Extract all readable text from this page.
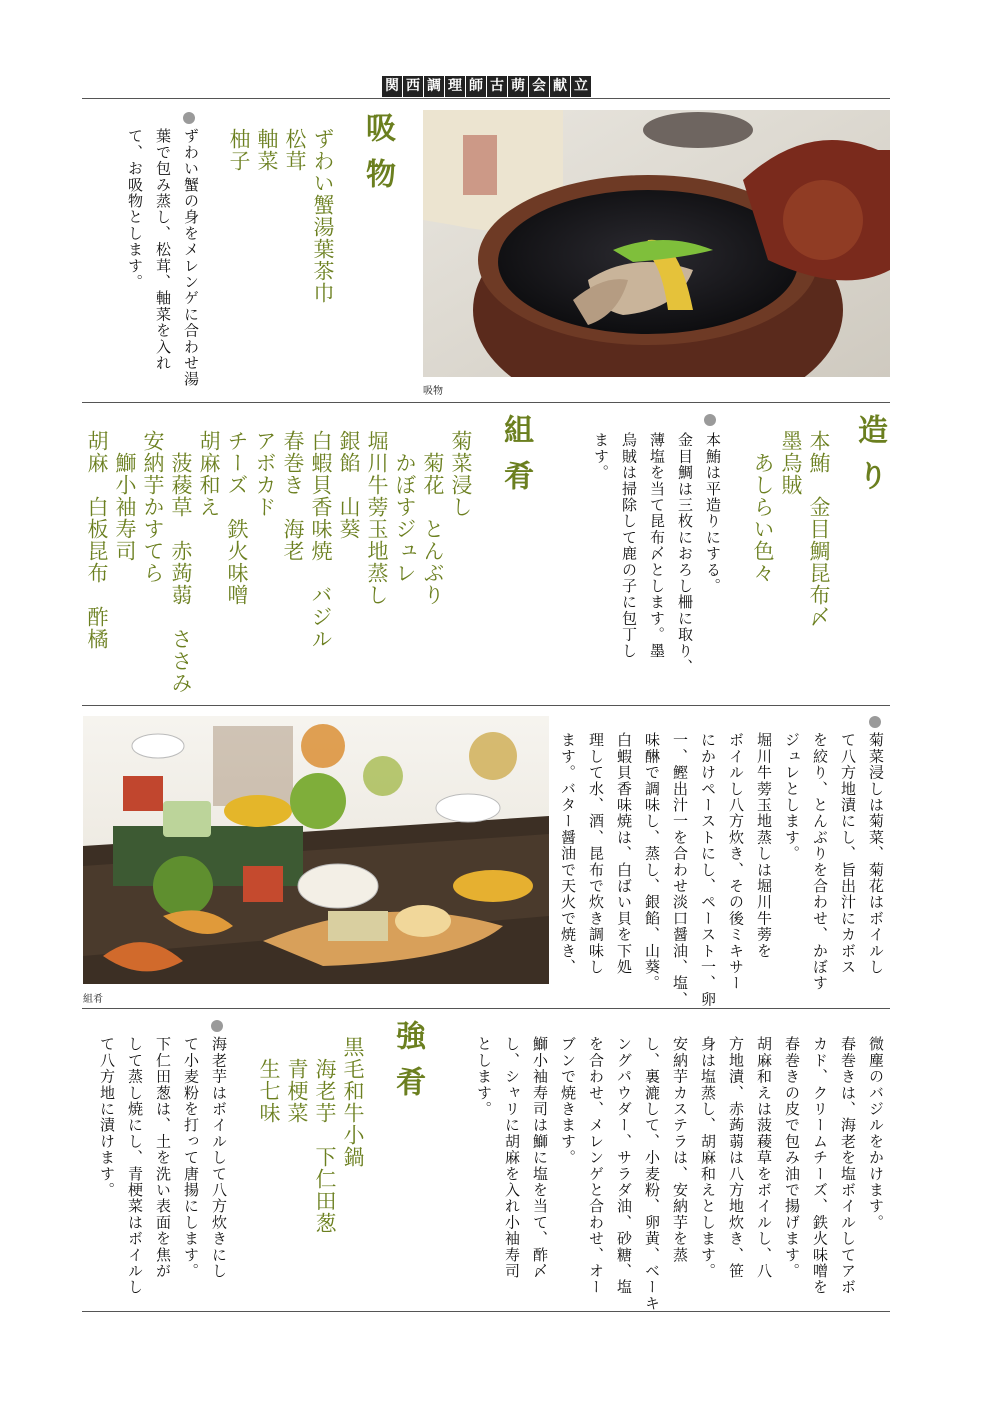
関 西 調 理 師 古 萌 会 献 立
吸物
ずわい蟹湯葉茶巾
松茸
軸菜
柚子
ずわい蟹の身をメレンゲに合わせ湯
葉で包み蒸し、松茸、軸菜を入れ
て、お吸物とします。
吸物
造り
本鮪　金目鯛昆布〆
墨烏賊
　あしらい色々
本鮪は平造りにする。
金目鯛は三枚におろし柵に取り、
薄塩を当て昆布〆とします。墨
烏賊は掃除して鹿の子に包丁し
ます。
組肴
菊菜浸し
　菊花　とんぶり
　かぼすジュレ
堀川牛蒡玉地蒸し
銀餡　山葵
白蝦貝香味焼　バジル
春巻き　海老
アボカド
チーズ　鉄火味噌
胡麻和え
　菠薐草　赤蒟蒻　ささみ
安納芋かすてら
　鰤小袖寿司
胡麻　白板昆布　酢橘
組肴
菊菜浸しは菊菜、菊花はボイルし
て八方地漬にし、旨出汁にカボス
を絞り、とんぶりを合わせ、かぼす
ジュレとします。
堀川牛蒡玉地蒸しは堀川牛蒡を
ボイルし八方炊き、その後ミキサー
にかけペーストにし、ペースト一、卵
一、鰹出汁一を合わせ淡口醤油、塩、
味醂で調味し、蒸し、銀餡、山葵。
白蝦貝香味焼は、白ばい貝を下処
理して水、酒、昆布で炊き調味し
ます。バター醤油で天火で焼き、
微塵のバジルをかけます。
春巻きは、海老を塩ボイルしてアボ
カド、クリームチーズ、鉄火味噌を
春巻きの皮で包み油で揚げます。
胡麻和えは菠薐草をボイルし、八
方地漬、赤蒟蒻は八方地炊き、笹
身は塩蒸し、胡麻和えとします。
安納芋カステラは、安納芋を蒸
し、裏漉して、小麦粉、卵黄、ベーキ
ングパウダー、サラダ油、砂糖、塩
を合わせ、メレンゲと合わせ、オー
ブンで焼きます。
鰤小袖寿司は鰤に塩を当て、酢〆
し、シャリに胡麻を入れ小袖寿司
とします。
強肴
黒毛和牛小鍋
　海老芋　下仁田葱
　青梗菜
　生七味
海老芋はボイルして八方炊きにし
て小麦粉を打って唐揚にします。
下仁田葱は、土を洗い表面を焦が
して蒸し焼にし、青梗菜はボイルし
て八方地に漬けます。
